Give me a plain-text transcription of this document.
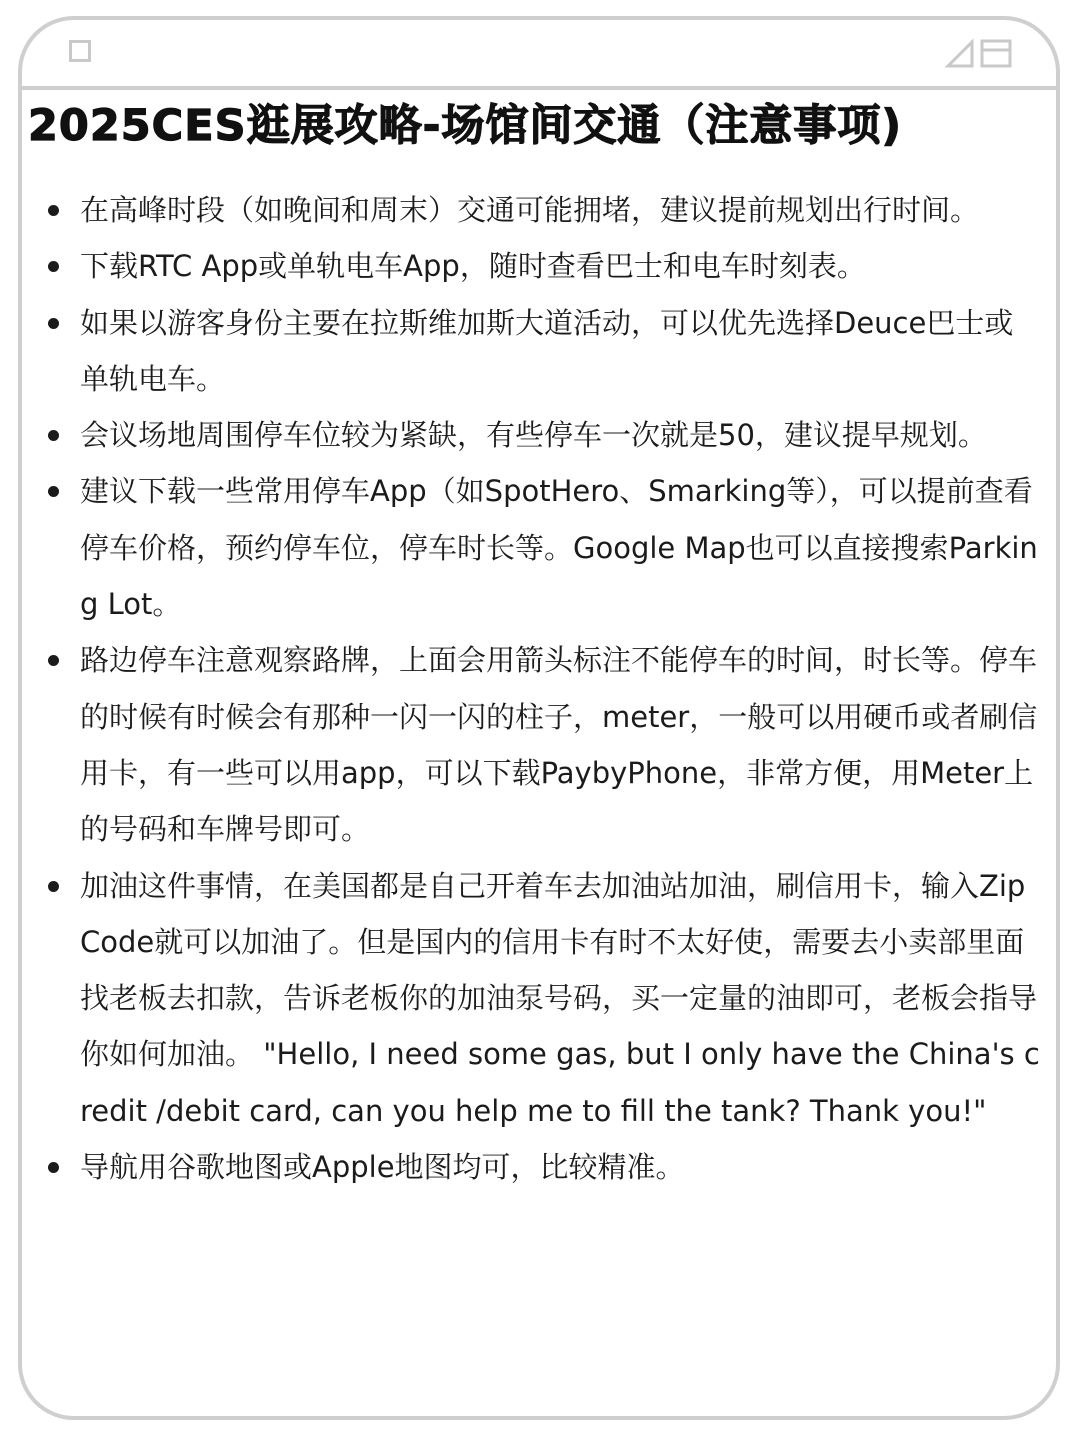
2025CES逛展攻略-场馆间交通（注意事项)
在高峰时段（如晚间和周末）交通可能拥堵，建议提前规划出行时间。
下载RTC App或单轨电车App，随时查看巴士和电车时刻表。
如果以游客身份主要在拉斯维加斯大道活动，可以优先选择Deuce巴士或单轨电车。
会议场地周围停车位较为紧缺，有些停车一次就是50，建议提早规划。
建议下载一些常用停车App（如SpotHero、Smarking等），可以提前查看停车价格，预约停车位，停车时长等。Google Map也可以直接搜索Parking Lot。
路边停车注意观察路牌，上面会用箭头标注不能停车的时间，时长等。停车的时候有时候会有那种一闪一闪的柱子，meter，一般可以用硬币或者刷信用卡，有一些可以用app，可以下载PaybyPhone，非常方便，用Meter上的号码和车牌号即可。
加油这件事情，在美国都是自己开着车去加油站加油，刷信用卡，输入Zip Code就可以加油了。但是国内的信用卡有时不太好使，需要去小卖部里面找老板去扣款，告诉老板你的加油泵号码，买一定量的油即可，老板会指导你如何加油。 "Hello, I need some gas, but I only have the China's credit /debit card, can you help me to fill the tank? Thank you!"
导航用谷歌地图或Apple地图均可，比较精准。
